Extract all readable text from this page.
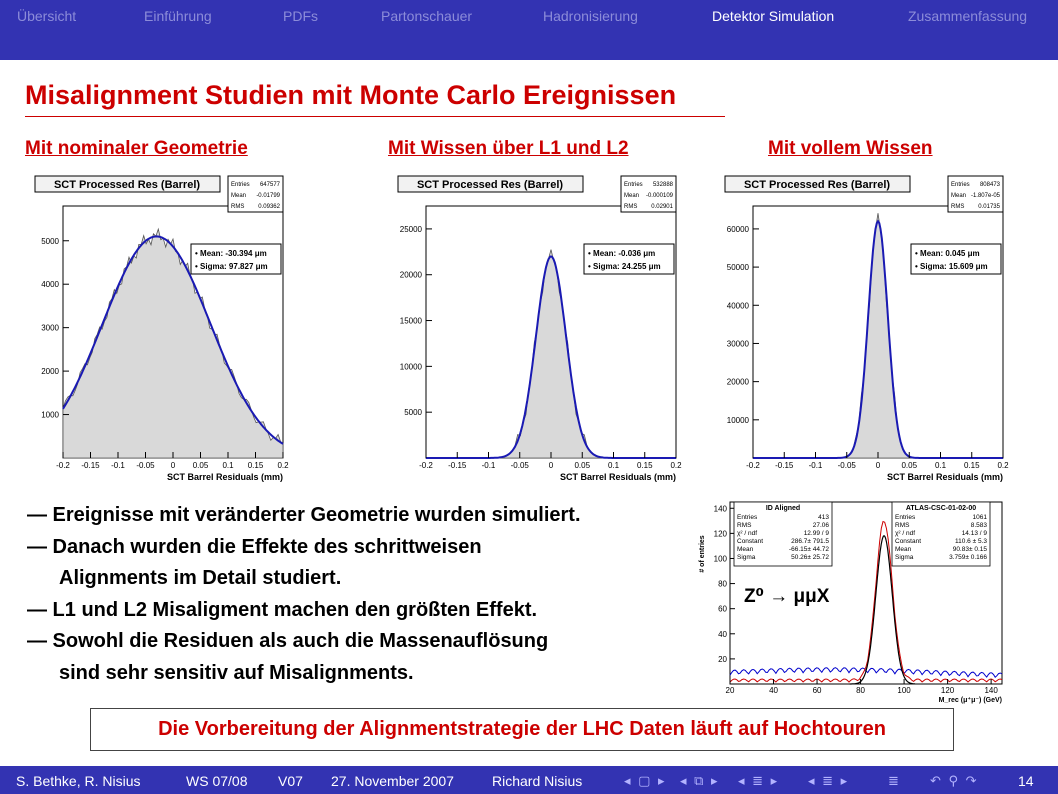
Übersicht	Einführung	PDFs	Partonschauer	Hadronisierung	Detektor Simulation	Zusammenfassung
Misalignment Studien mit Monte Carlo Ereignissen
Mit nominaler Geometrie	Mit Wissen über L1 und L2	Mit vollem Wissen
-0.2 -0.15 -0.1 -0.05 0 0.05 0.1 0.15 0.2
1000
2000
3000
4000
5000
SCT Barrel Residuals (mm)
SCT Processed Res (Barrel)	Entries 647577
Mean -0.01799
RMS 0.09362
• Mean: -30.394 μm
• Sigma: 97.827 μm
-0.2 -0.15 -0.1 -0.05 0	0.05 0.1 0.15 0.2
5000
10000
15000
20000
25000
SCT Barrel Residuals (mm)
SCT Processed Res (Barrel)	Entries 532888
Mean -0.000109
RMS 0.02901
• Mean: -0.036 μm
• Sigma: 24.255 μm
-0.2 -0.15 -0.1 -0.05 0	0.05 0.1 0.15 0.2
10000
20000
30000
40000
50000
60000
SCT Barrel Residuals (mm)
SCT Processed Res (Barrel)	Entries 808473
Mean -1.807e-05
RMS 0.01735
• Mean: 0.045 μm
• Sigma: 15.609 μm
— Ereignisse mit veränderter Geometrie wurden simuliert.
— Danach wurden die Effekte des schrittweisen
Alignments im Detail studiert.
— L1 und L2 Misaligment machen den größten Effekt.
— Sowohl die Residuen als auch die Massenauflösung
sind sehr sensitiv auf Misalignments.
20	40	60	80	100	120	140
20
40
60
80
100
120
140
M_rec (μ⁺μ⁻) (GeV)
# of entries
ID Aligned
Entries	413
RMS	27.06
χ² / ndf	12.99 / 9
Constant	286.7± 791.5
Mean	-66.15± 44.72
Sigma	50.26± 25.72
ATLAS-CSC-01-02-00
Entries	1061
RMS	8.583
χ² / ndf	14.13 / 9
Constant	110.6 ± 5.3
Mean	90.83± 0.15
Sigma	3.759± 0.166
Z⁰ → μμX
Die Vorbereitung der Alignmentstrategie der LHC Daten läuft auf Hochtouren
S. Bethke, R. Nisius	WS 07/08 V07 27. November 2007	Richard Nisius	◂ ▢ ▸ ◂ ⧉ ▸ ◂ ≣ ▸ ◂ ≣ ▸	≣ ↶ ⚲ ↷	14
